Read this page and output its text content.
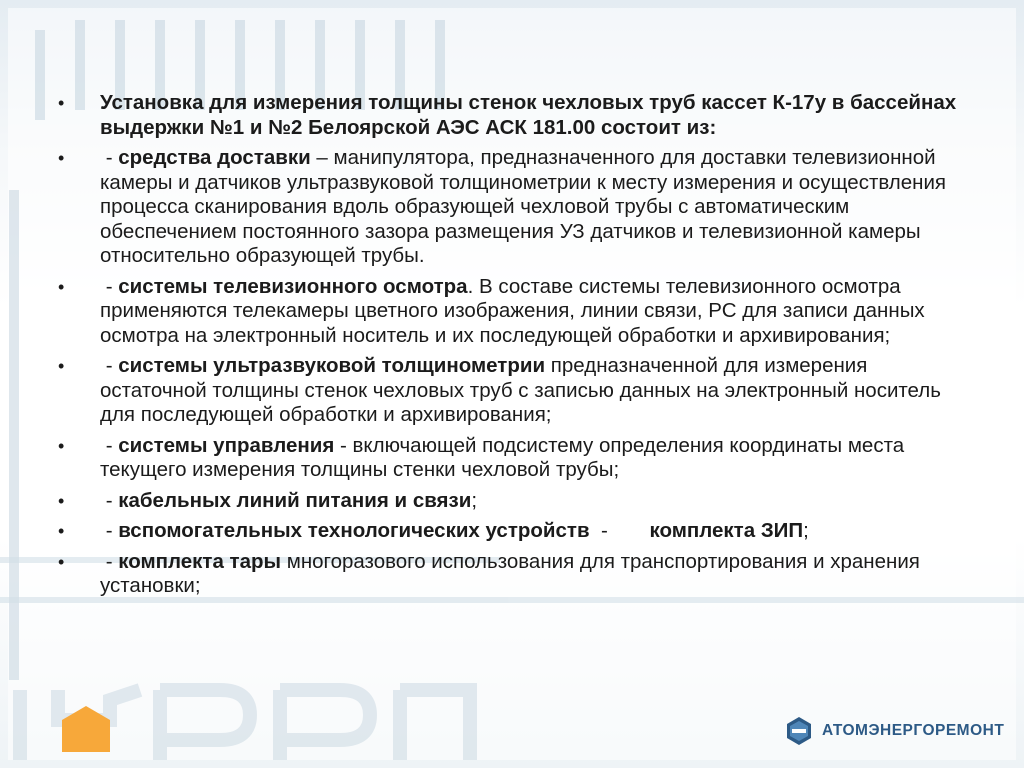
•	Установка для измерения толщины стенок чехловых труб кассет К-17у в бассейнах выдержки №1 и №2 Белоярской АЭС АСК 181.00 состоит из:
•	- средства доставки – манипулятора, предназначенного для доставки телевизионной камеры и датчиков ультразвуковой толщинометрии к месту измерения и осуществления процесса сканирования вдоль образующей чехловой трубы с автоматическим обеспечением постоянного зазора размещения УЗ датчиков и телевизионной камеры относительно образующей трубы.
•	- системы телевизионного осмотра. В составе системы телевизионного осмотра применяются телекамеры цветного изображения, линии связи, РС для записи данных осмотра на электронный носитель и их последующей обработки и архивирования;
•	- системы ультразвуковой толщинометрии предназначенной для измерения остаточной толщины стенок чехловых труб с записью данных на электронный носитель для последующей обработки и архивирования;
•	- системы управления - включающей подсистему определения координаты места текущего измерения толщины стенки чехловой трубы;
•	- кабельных линий питания и связи;
•	- вспомогательных технологических устройств  - комплекта ЗИП;
•	- комплекта тары многоразового использования для транспортирования и хранения установки;
АТОМЭНЕРГОРЕМОНТ
